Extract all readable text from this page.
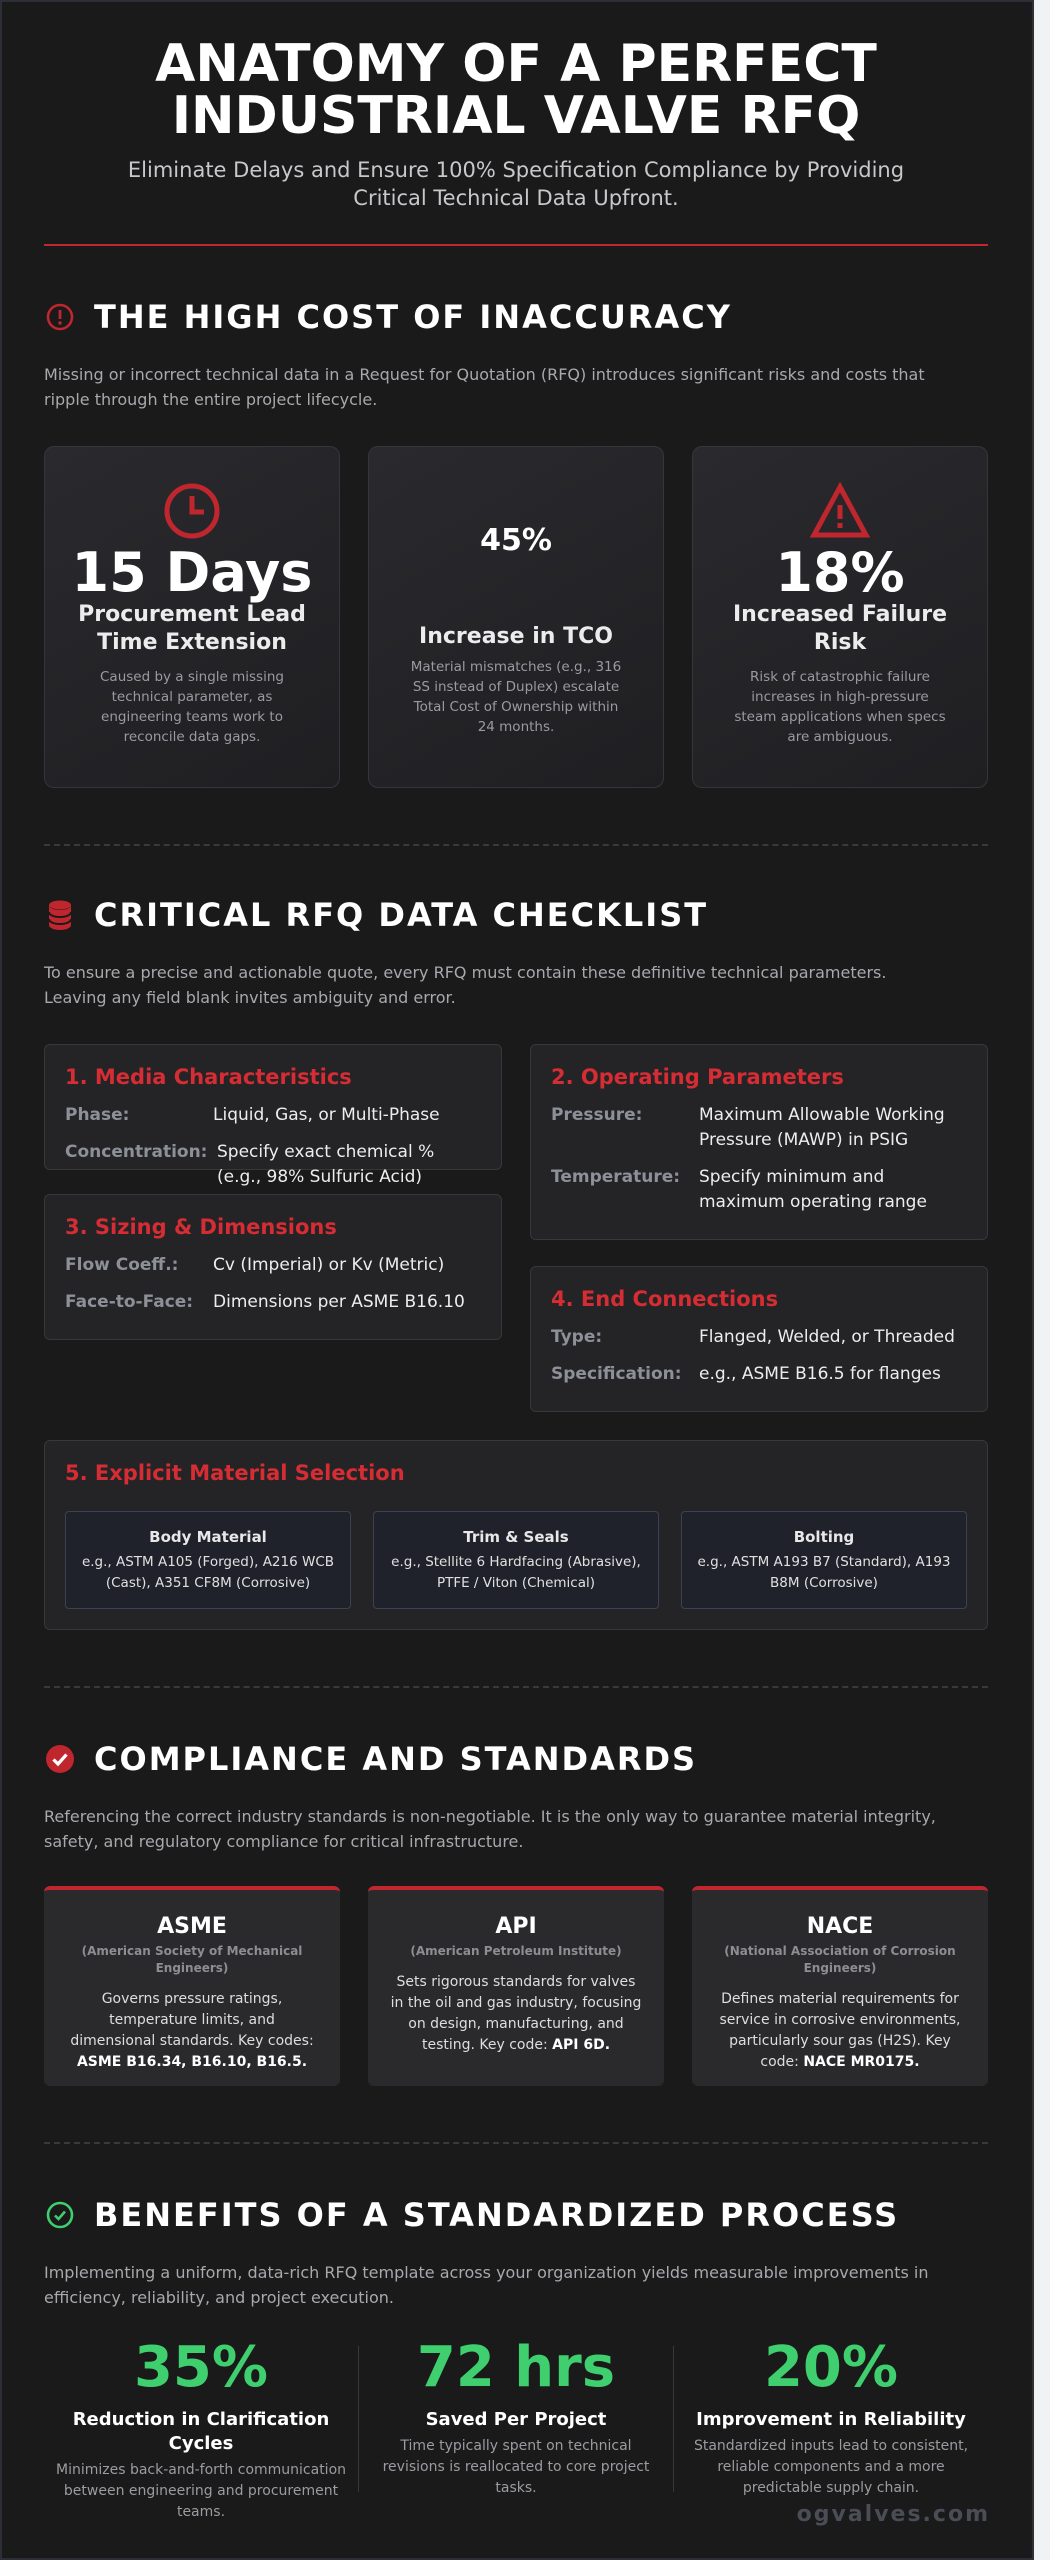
ANATOMY OF A PERFECT
INDUSTRIAL VALVE RFQ
Eliminate Delays and Ensure 100% Specification Compliance by Providing
Critical Technical Data Upfront.
THE HIGH COST OF INACCURACY
Missing or incorrect technical data in a Request for Quotation (RFQ) introduces significant risks and costs that ripple through the entire project lifecycle.
15 Days
Procurement Lead Time Extension
Caused by a single missing technical parameter, as engineering teams work to reconcile data gaps.
45%
Increase in TCO
Material mismatches (e.g., 316 SS instead of Duplex) escalate Total Cost of Ownership within 24 months.
18%
Increased Failure Risk
Risk of catastrophic failure increases in high-pressure steam applications when specs are ambiguous.
CRITICAL RFQ DATA CHECKLIST
To ensure a precise and actionable quote, every RFQ must contain these definitive technical parameters. Leaving any field blank invites ambiguity and error.
1. Media Characteristics
Phase:	Liquid, Gas, or Multi-Phase
Concentration: Specify exact chemical % (e.g., 98% Sulfuric Acid)
2. Operating Parameters
Pressure:	Maximum Allowable Working Pressure (MAWP) in PSIG
Temperature:	Specify minimum and maximum operating range
3. Sizing & Dimensions
Flow Coeff.:	Cv (Imperial) or Kv (Metric)
Face-to-Face:	Dimensions per ASME B16.10	4. End Connections
Type:	Flanged, Welded, or Threaded
Specification:	e.g., ASME B16.5 for flanges
5. Explicit Material Selection
Body Material
e.g., ASTM A105 (Forged), A216 WCB (Cast), A351 CF8M (Corrosive)
Trim & Seals
e.g., Stellite 6 Hardfacing (Abrasive), PTFE / Viton (Chemical)
Bolting
e.g., ASTM A193 B7 (Standard), A193 B8M (Corrosive)
COMPLIANCE AND STANDARDS
Referencing the correct industry standards is non-negotiable. It is the only way to guarantee material integrity, safety, and regulatory compliance for critical infrastructure.
ASME
(American Society of Mechanical Engineers)
Governs pressure ratings, temperature limits, and dimensional standards. Key codes: ASME B16.34, B16.10, B16.5.
API
(American Petroleum Institute)
Sets rigorous standards for valves in the oil and gas industry, focusing on design, manufacturing, and testing. Key code: API 6D.
NACE
(National Association of Corrosion Engineers)
Defines material requirements for service in corrosive environments, particularly sour gas (H2S). Key code: NACE MR0175.
BENEFITS OF A STANDARDIZED PROCESS
Implementing a uniform, data-rich RFQ template across your organization yields measurable improvements in efficiency, reliability, and project execution.
35%
Reduction in Clarification Cycles
Minimizes back-and-forth communication between engineering and procurement teams.
72 hrs
Saved Per Project
Time typically spent on technical revisions is reallocated to core project tasks.
20%
Improvement in Reliability
Standardized inputs lead to consistent, reliable components and a more predictable supply chain.
ogvalves.com
